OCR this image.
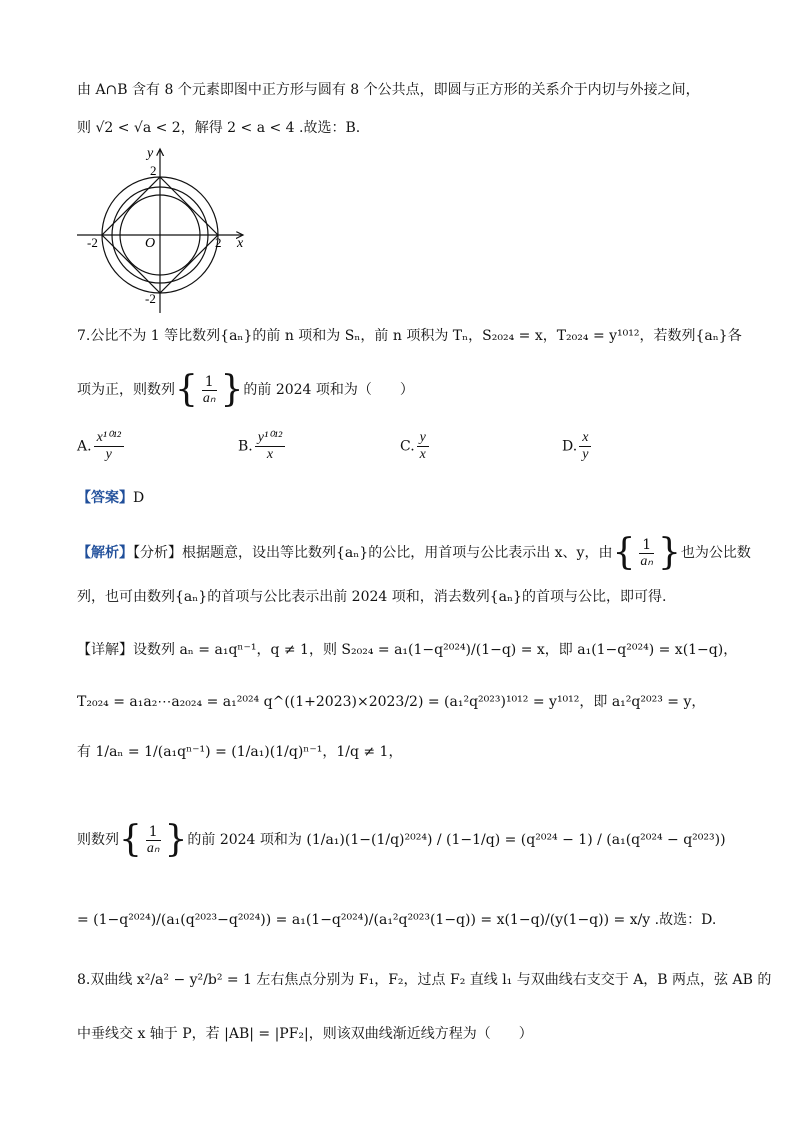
由 A∩B 含有 8 个元素即图中正方形与圆有 8 个公共点，即圆与正方形的关系介于内切与外接之间，
则 √2 < √a < 2，解得 2 < a < 4 .故选：B.
y
x
O
2
-2
-2	2
7.公比不为 1 等比数列{aₙ}的前 n 项和为 Sₙ，前 n 项积为 Tₙ，S₂₀₂₄ = x，T₂₀₂₄ = y¹⁰¹²，若数列{aₙ}各
项为正，则数列{ $\frac{1}{\text{aₙ}}$ }的前 2024 项和为（　　）
A. $\frac{\text{x¹⁰¹²}}{y}$	B. $\frac{\text{y¹⁰¹²}}{x}$	C. $\frac{y}{x}$	D. $\frac{x}{y}$
【答案】D
【解析】【分析】根据题意，设出等比数列{aₙ}的公比，用首项与公比表示出 x、y，由{ $\frac{1}{\text{aₙ}}$ }也为公比数
列，也可由数列{aₙ}的首项与公比表示出前 2024 项和，消去数列{aₙ}的首项与公比，即可得.
【详解】设数列 aₙ = a₁qⁿ⁻¹，q ≠ 1，则 S₂₀₂₄ = a₁(1−q²⁰²⁴)/(1−q) = x，即 a₁(1−q²⁰²⁴) = x(1−q)，
T₂₀₂₄ = a₁a₂⋯a₂₀₂₄ = a₁²⁰²⁴ q^((1+2023)×2023/2) = (a₁²q²⁰²³)¹⁰¹² = y¹⁰¹²，即 a₁²q²⁰²³ = y，
有 1/aₙ = 1/(a₁qⁿ⁻¹) = (1/a₁)(1/q)ⁿ⁻¹，1/q ≠ 1，
则数列{ $\frac{1}{\text{aₙ}}$ }的前 2024 项和为 (1/a₁)(1−(1/q)²⁰²⁴) / (1−1/q) = (q²⁰²⁴ − 1) / (a₁(q²⁰²⁴ − q²⁰²³))
= (1−q²⁰²⁴)/(a₁(q²⁰²³−q²⁰²⁴)) = a₁(1−q²⁰²⁴)/(a₁²q²⁰²³(1−q)) = x(1−q)/(y(1−q)) = x/y .故选：D.
8.双曲线 x²/a² − y²/b² = 1 左右焦点分别为 F₁，F₂，过点 F₂ 直线 l₁ 与双曲线右支交于 A，B 两点，弦 AB 的
中垂线交 x 轴于 P，若 |AB| = |PF₂|，则该双曲线渐近线方程为（　　）
